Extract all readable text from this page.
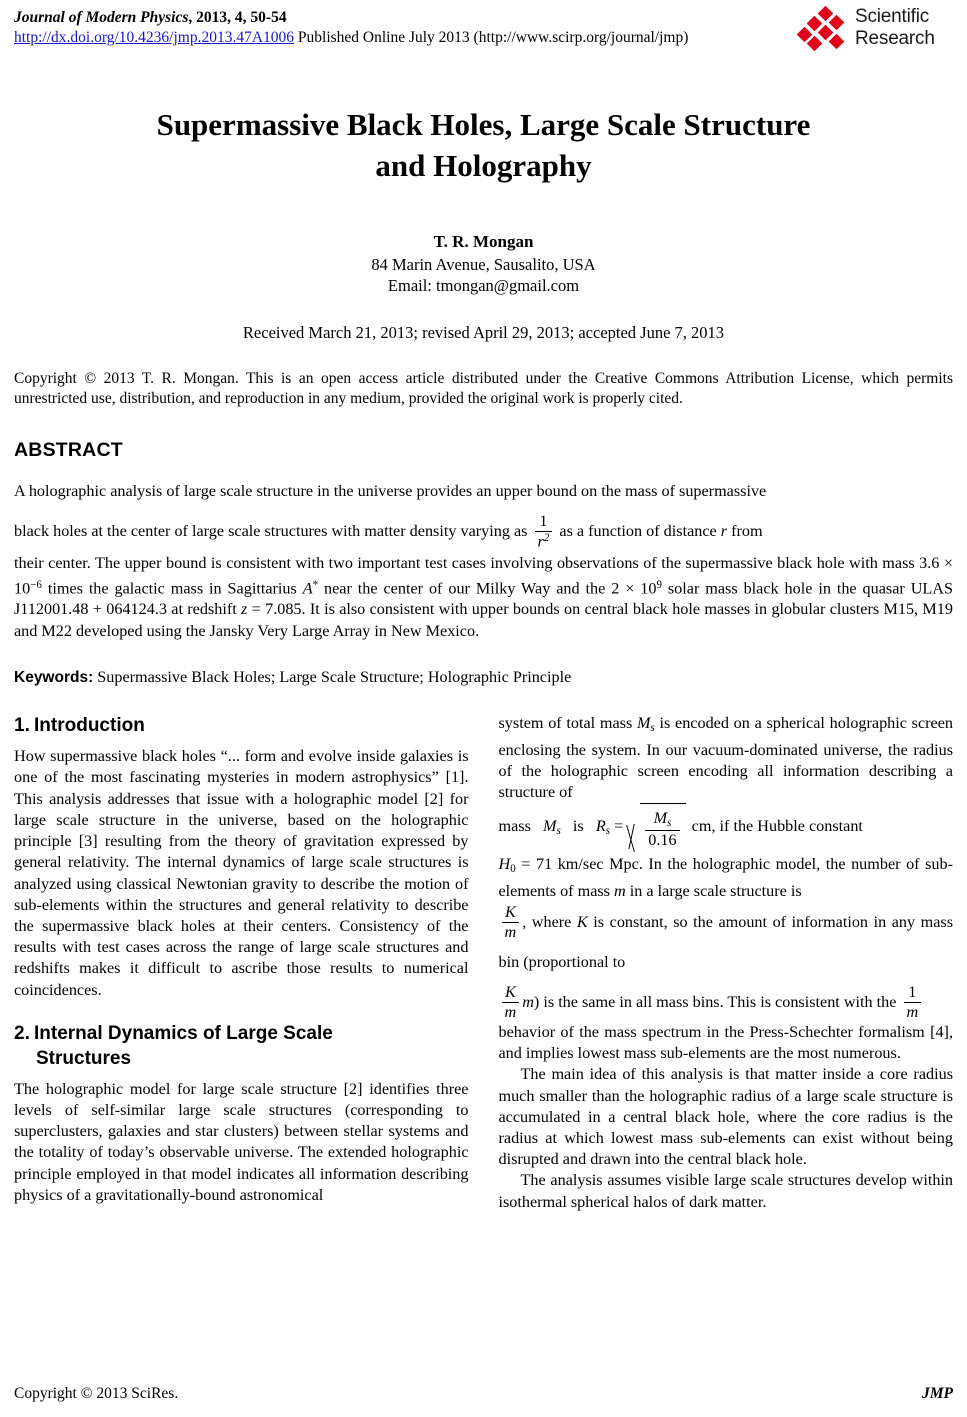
Journal of Modern Physics, 2013, 4, 50-54
http://dx.doi.org/10.4236/jmp.2013.47A1006 Published Online July 2013 (http://www.scirp.org/journal/jmp)
Scientific
Research
Supermassive Black Holes, Large Scale Structure
and Holography
T. R. Mongan
84 Marin Avenue, Sausalito, USA
Email: tmongan@gmail.com
Received March 21, 2013; revised April 29, 2013; accepted June 7, 2013
Copyright © 2013 T. R. Mongan. This is an open access article distributed under the Creative Commons Attribution License, which permits unrestricted use, distribution, and reproduction in any medium, provided the original work is properly cited.
ABSTRACT

A holographic analysis of large scale structure in the universe provides an upper bound on the mass of supermassive

black holes at the center of large scale structures with matter density varying as $\frac{1}{r^2}$ as a function of distance r from

their center. The upper bound is consistent with two important test cases involving observations of the supermassive black hole with mass $3.6 \times 10^{-6}$ times the galactic mass in Sagittarius A* near the center of our Milky Way and the $2 \times 10^9$ solar mass black hole in the quasar ULAS J112001.48 + 064124.3 at redshift z = 7.085. It is also consistent with upper bounds on central black hole masses in globular clusters M15, M19 and M22 developed using the Jansky Very Large Array in New Mexico.

Keywords: Supermassive Black Holes; Large Scale Structure; Holographic Principle
1. Introduction

How supermassive black holes “... form and evolve inside galaxies is one of the most fascinating mysteries in modern astrophysics” [1]. This analysis addresses that issue with a holographic model [2] for large scale structure in the universe, based on the holographic principle [3] resulting from the theory of gravitation expressed by general relativity. The internal dynamics of large scale structures is analyzed using classical Newtonian gravity to describe the motion of sub-elements within the structures and general relativity to describe the supermassive black holes at their centers. Consistency of the results with test cases across the range of large scale structures and redshifts makes it difficult to ascribe those results to numerical coincidences.

2. Internal Dynamics of Large Scale
Structures

The holographic model for large scale structure [2] identifies three levels of self-similar large scale structures (corresponding to superclusters, galaxies and star clusters) between stellar systems and the totality of today’s observable universe. The extended holographic principle employed in that model indicates all information describing physics of a gravitationally-bound astronomical

system of total mass $M_s$ is encoded on a spherical holographic screen enclosing the system. In our vacuum-dominated universe, the radius of the holographic screen encoding all information describing a structure of

mass $M_s$ is $R_s = \frac{M_s}{0.16}$ cm, if the Hubble constant

$H_0 = 71$ km/sec Mpc. In the holographic model, the number of sub-elements of mass m in a large scale structure is

$\frac{K}{m}$ , where K is constant, so the amount of information in any mass bin (proportional to

$\frac{K}{m} m$) is the same in all mass bins. This is consistent with the $\frac{1}{m}$

behavior of the mass spectrum in the Press-Schechter formalism [4], and implies lowest mass sub-elements are the most numerous.

The main idea of this analysis is that matter inside a core radius much smaller than the holographic radius of a large scale structure is accumulated in a central black hole, where the core radius is the radius at which lowest mass sub-elements can exist without being disrupted and drawn into the central black hole.

The analysis assumes visible large scale structures develop within isothermal spherical halos of dark matter.

Copyright © 2013 SciRes.	JMP
